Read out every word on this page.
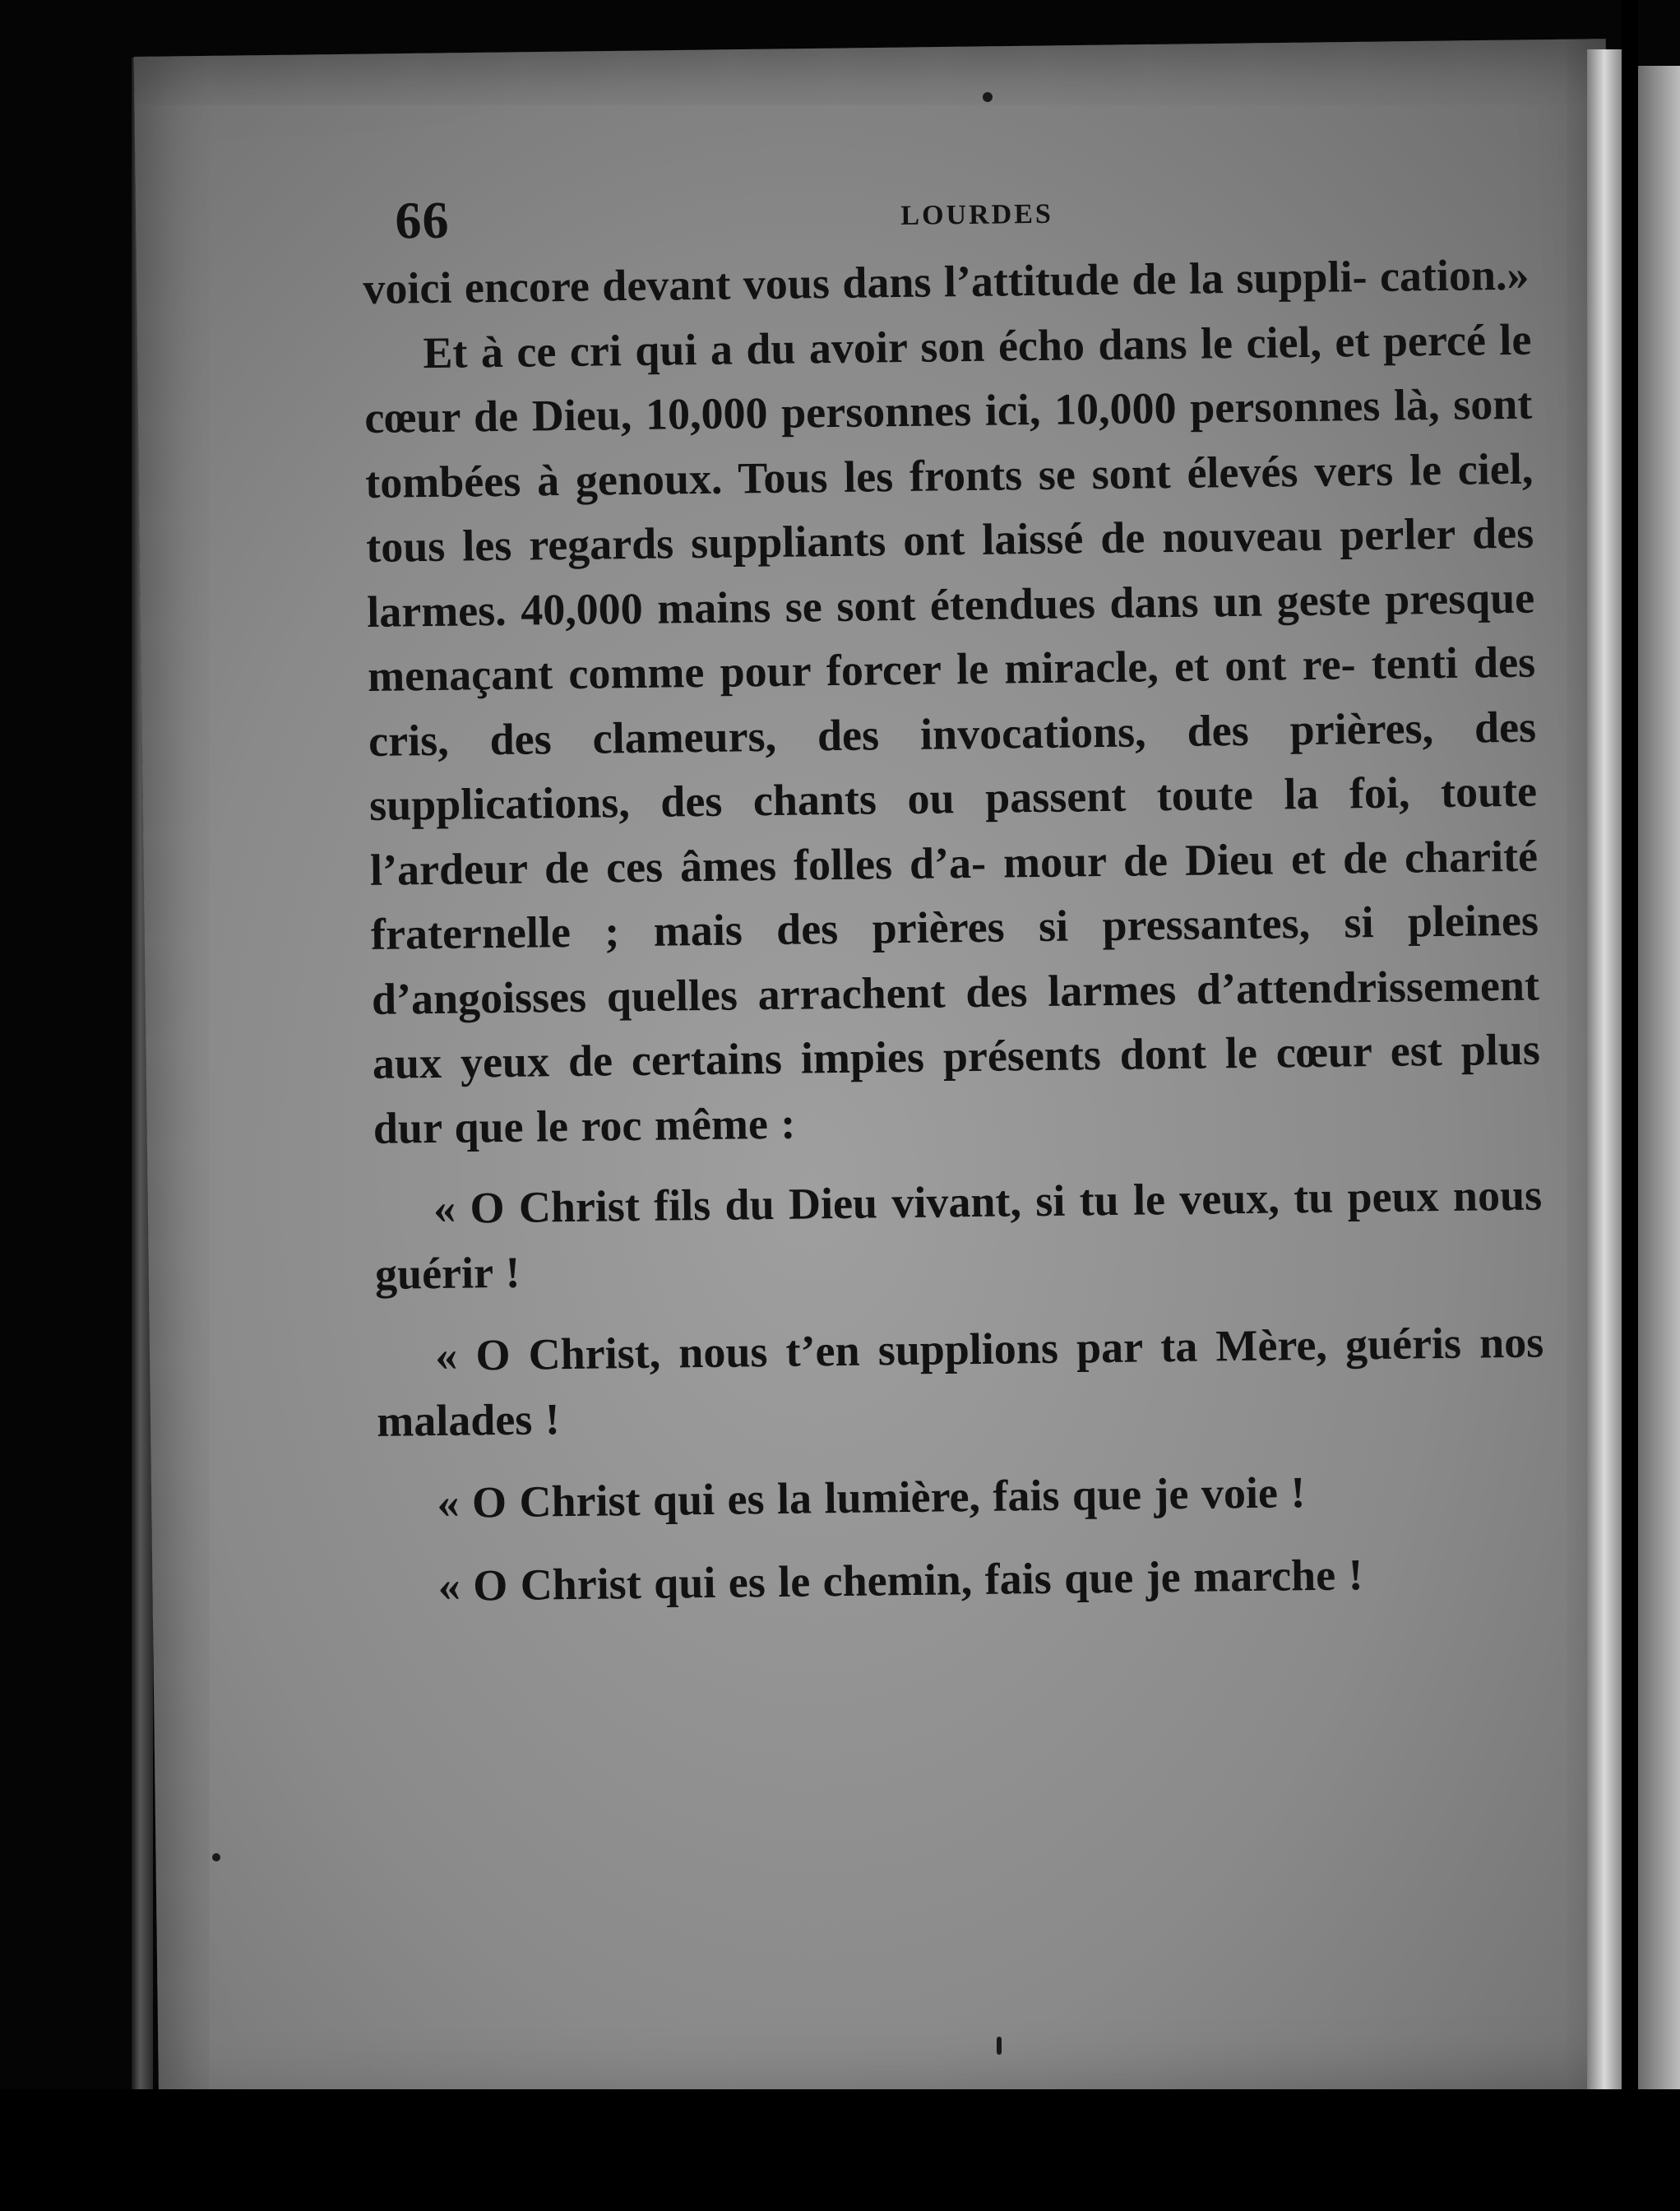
66	LOURDES

voici encore devant vous dans l’attitude de la suppli- cation.»

Et à ce cri qui a du avoir son écho dans le ciel, et percé le cœur de Dieu, 10,000 personnes ici, 10,000 personnes là, sont tombées à genoux. Tous les fronts se sont élevés vers le ciel, tous les regards suppliants ont laissé de nouveau perler des larmes. 40,000 mains se sont étendues dans un geste presque menaçant comme pour forcer le miracle, et ont re- tenti des cris, des clameurs, des invocations, des prières, des supplications, des chants ou passent toute la foi, toute l’ardeur de ces âmes folles d’a- mour de Dieu et de charité fraternelle ; mais des prières si pressantes, si pleines d’angoisses quelles arrachent des larmes d’attendrissement aux yeux de certains impies présents dont le cœur est plus dur que le roc même :

« O Christ fils du Dieu vivant, si tu le veux, tu peux nous guérir !

« O Christ, nous t’en supplions par ta Mère, guéris nos malades !

« O Christ qui es la lumière, fais que je voie !

« O Christ qui es le chemin, fais que je marche !
